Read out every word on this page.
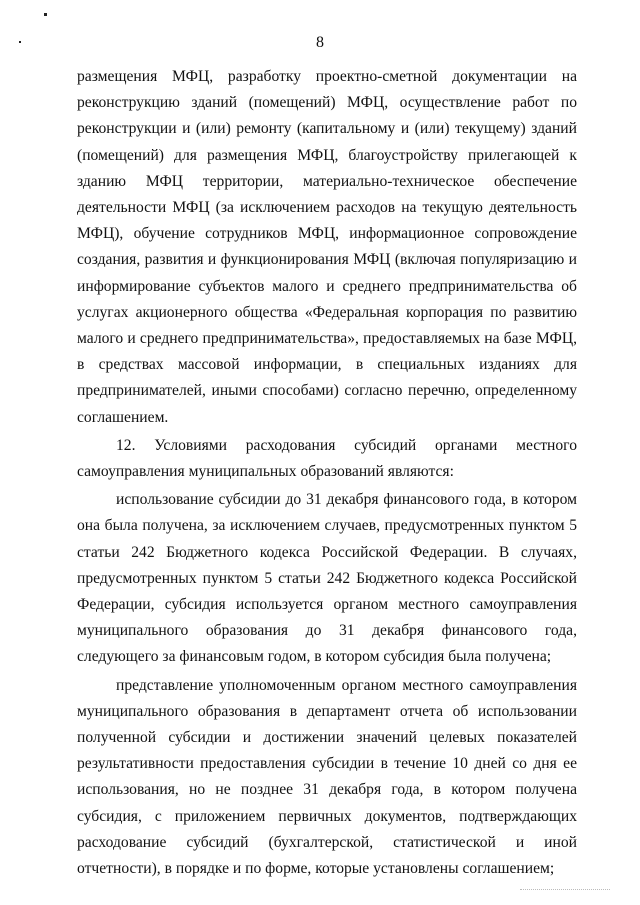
8

размещения МФЦ, разработку проектно-сметной документации на реконструкцию зданий (помещений) МФЦ, осуществление работ по реконструкции и (или) ремонту (капитальному и (или) текущему) зданий (помещений) для размещения МФЦ, благоустройству прилегающей к зданию МФЦ территории, материально-техническое обеспечение деятельности МФЦ (за исключением расходов на текущую деятельность МФЦ), обучение сотрудников МФЦ, информационное сопровождение создания, развития и функционирования МФЦ (включая популяризацию и информирование субъектов малого и среднего предпринимательства об услугах акционерного общества «Федеральная корпорация по развитию малого и среднего предпринимательства», предоставляемых на базе МФЦ, в средствах массовой информации, в специальных изданиях для предпринимателей, иными способами) согласно перечню, определенному соглашением.

12. Условиями расходования субсидий органами местного самоуправления муниципальных образований являются:

использование субсидии до 31 декабря финансового года, в котором она была получена, за исключением случаев, предусмотренных пунктом 5 статьи 242 Бюджетного кодекса Российской Федерации. В случаях, предусмотренных пунктом 5 статьи 242 Бюджетного кодекса Российской Федерации, субсидия используется органом местного самоуправления муниципального образования до 31 декабря финансового года, следующего за финансовым годом, в котором субсидия была получена;

представление уполномоченным органом местного самоуправления муниципального образования в департамент отчета об использовании полученной субсидии и достижении значений целевых показателей результативности предоставления субсидии в течение 10 дней со дня ее использования, но не позднее 31 декабря года, в котором получена субсидия, с приложением первичных документов, подтверждающих расходование субсидий (бухгалтерской, статистической и иной отчетности), в порядке и по форме, которые установлены соглашением;
